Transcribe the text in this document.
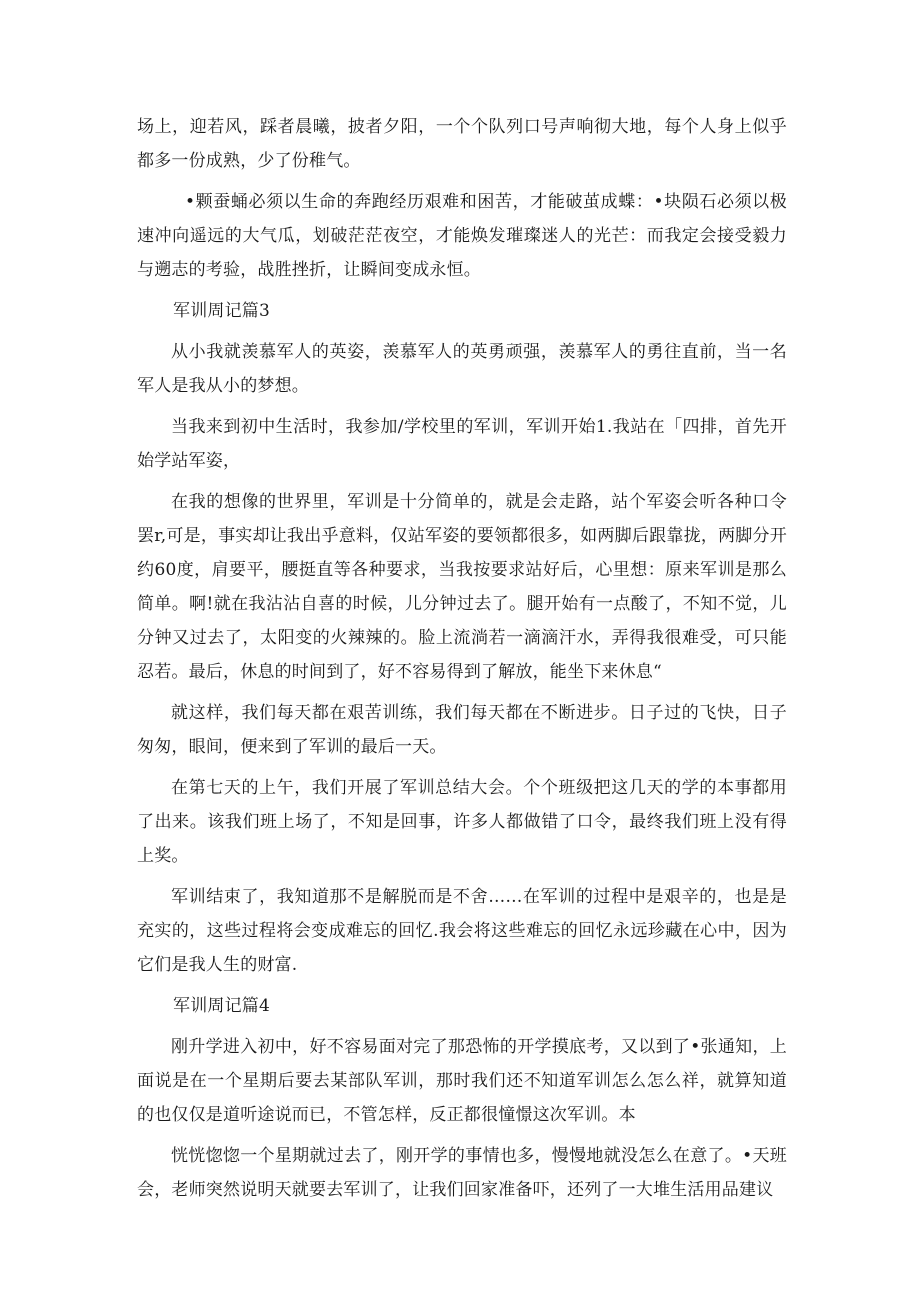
场上，迎若风，踩者晨曦，披者夕阳，一个个队列口号声响彻大地，每个人身上似乎都多一份成熟，少了份稚气。

•颗蚕蛹必须以生命的奔跑经历艰难和困苦，才能破茧成蝶：•块陨石必须以极速冲向遥远的大气瓜，划破茫茫夜空，才能焕发璀璨迷人的光芒：而我定会接受毅力与遡志的考验，战胜挫折，让瞬间变成永恒。

军训周记篇3

从小我就羡慕军人的英姿，羡慕军人的英勇顽强，羡慕军人的勇往直前，当一名军人是我从小的梦想。

当我来到初中生活时，我参加/学校里的军训，军训开始1.我站在「四排，首先开始学站军姿，

在我的想像的世界里，军训是十分简单的，就是会走路，站个军姿会听各种口令罢r,可是，事实却让我出乎意料，仅站军姿的要领都很多，如两脚后跟靠拢，两脚分开约60度，肩要平，腰挺直等各种要求，当我按要求站好后，心里想：原来军训是那么简单。啊!就在我沾沾自喜的时候，儿分钟过去了。腿开始有一点酸了，不知不觉，儿分钟又过去了，太阳变的火辣辣的。脸上流淌若一滴滴汗水，弄得我很难受，可只能忍若。最后，休息的时间到了，好不容易得到了解放，能坐下来休息“

就这样，我们每天都在艰苦训练，我们每天都在不断进步。日子过的飞快，日子匆匆，眼间，便来到了军训的最后一天。

在第七天的上午，我们开展了军训总结大会。个个班级把这几天的学的本事都用了出来。该我们班上场了，不知是回事，许多人都做错了口令，最终我们班上没有得上奖。

军训结束了，我知道那不是解脱而是不舍……在军训的过程中是艰辛的，也是是充实的，这些过程将会变成难忘的回忆.我会将这些难忘的回忆永远珍藏在心中，因为它们是我人生的财富.

军训周记篇4

刚升学进入初中，好不容易面对完了那恐怖的开学摸底考，又以到了•张通知，上面说是在一个星期后要去某部队军训，那时我们还不知道军训怎么怎么祥，就算知道的也仅仅是道听途说而已，不管怎样，反正都很憧憬这次军训。本

恍恍惚惚一个星期就过去了，刚开学的事情也多，慢慢地就没怎么在意了。•天班会，老师突然说明天就要去军训了，让我们回家准备吓，还列了一大堆生活用品建议
